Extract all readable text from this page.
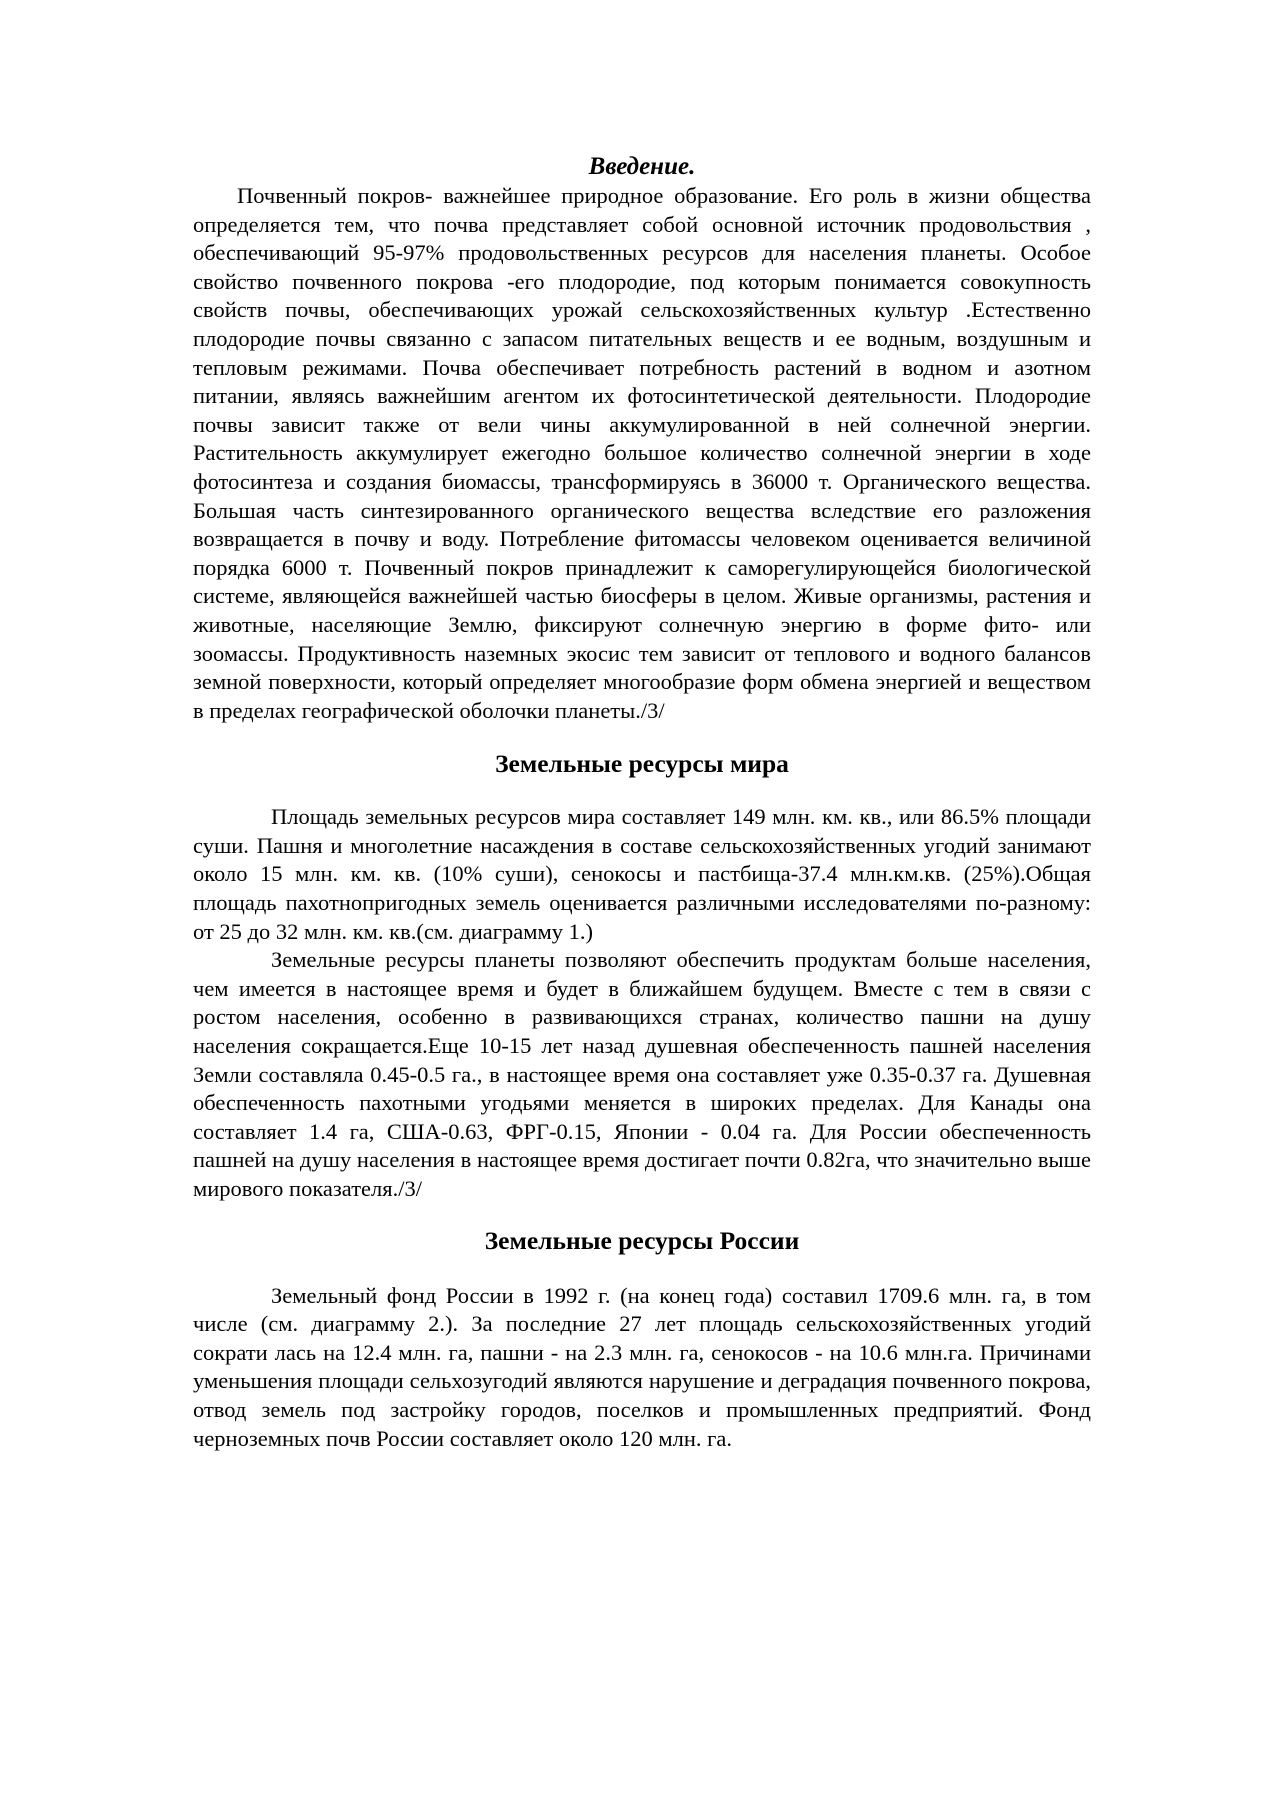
Введение.

Почвенный покров- важнейшее природное образование. Его роль в жизни общества определяется тем, что почва представляет собой основной источник продовольствия , обеспечивающий 95-97% продовольственных ресурсов для населения планеты. Особое свойство почвенного покрова -его плодородие, под которым понимается совокупность свойств почвы, обеспечивающих урожай сельскохозяйственных культур .Естественно плодородие почвы связанно с запасом питательных веществ и ее водным, воздушным и тепловым режимами. Почва обеспечивает потребность растений в водном и азотном питании, являясь важнейшим агентом их фотосинтетической деятельности. Плодородие почвы зависит также от вели чины аккумулированной в ней солнечной энергии. Растительность аккумулирует ежегодно большое количество солнечной энергии в ходе фотосинтеза и создания биомассы, трансформируясь в 36000 т. Органического вещества. Большая часть синтезированного органического вещества вследствие его разложения возвращается в почву и воду. Потребление фитомассы человеком оценивается величиной порядка 6000 т. Почвенный покров принадлежит к саморегулирующейся биологической системе, являющейся важнейшей частью биосферы в целом. Живые организмы, растения и животные, населяющие Землю, фиксируют солнечную энергию в форме фито- или зоомассы. Продуктивность наземных экосис тем зависит от теплового и водного балансов земной поверхности, который определяет многообразие форм обмена энергией и веществом в пределах географической оболочки планеты./3/

Земельные ресурсы мира

Площадь земельных ресурсов мира составляет 149 млн. км. кв., или 86.5% площади суши. Пашня и многолетние насаждения в составе сельскохозяйственных угодий занимают около 15 млн. км. кв. (10% суши), сенокосы и пастбища-37.4 млн.км.кв. (25%).Общая площадь пахотнопригодных земель оценивается различными исследователями по-разному: от 25 до 32 млн. км. кв.(см. диаграмму 1.)

Земельные ресурсы планеты позволяют обеспечить продуктам больше населения, чем имеется в настоящее время и будет в ближайшем будущем. Вместе с тем в связи с ростом населения, особенно в развивающихся странах, количество пашни на душу населения сокращается.Еще 10-15 лет назад душевная обеспеченность пашней населения Земли составляла 0.45-0.5 га., в настоящее время она составляет уже 0.35-0.37 га. Душевная обеспеченность пахотными угодьями меняется в широких пределах. Для Канады она составляет 1.4 га, США-0.63, ФРГ-0.15, Японии - 0.04 га. Для России обеспеченность пашней на душу населения в настоящее время достигает почти 0.82га, что значительно выше мирового показателя./3/

Земельные ресурсы России

Земельный фонд России в 1992 г. (на конец года) составил 1709.6 млн. га, в том числе (см. диаграмму 2.). За последние 27 лет площадь сельскохозяйственных угодий сократи лась на 12.4 млн. га, пашни - на 2.3 млн. га, сенокосов - на 10.6 млн.га. Причинами уменьшения площади сельхозугодий являются нарушение и деградация почвенного покрова, отвод земель под застройку городов, поселков и промышленных предприятий. Фонд черноземных почв России составляет около 120 млн. га.
